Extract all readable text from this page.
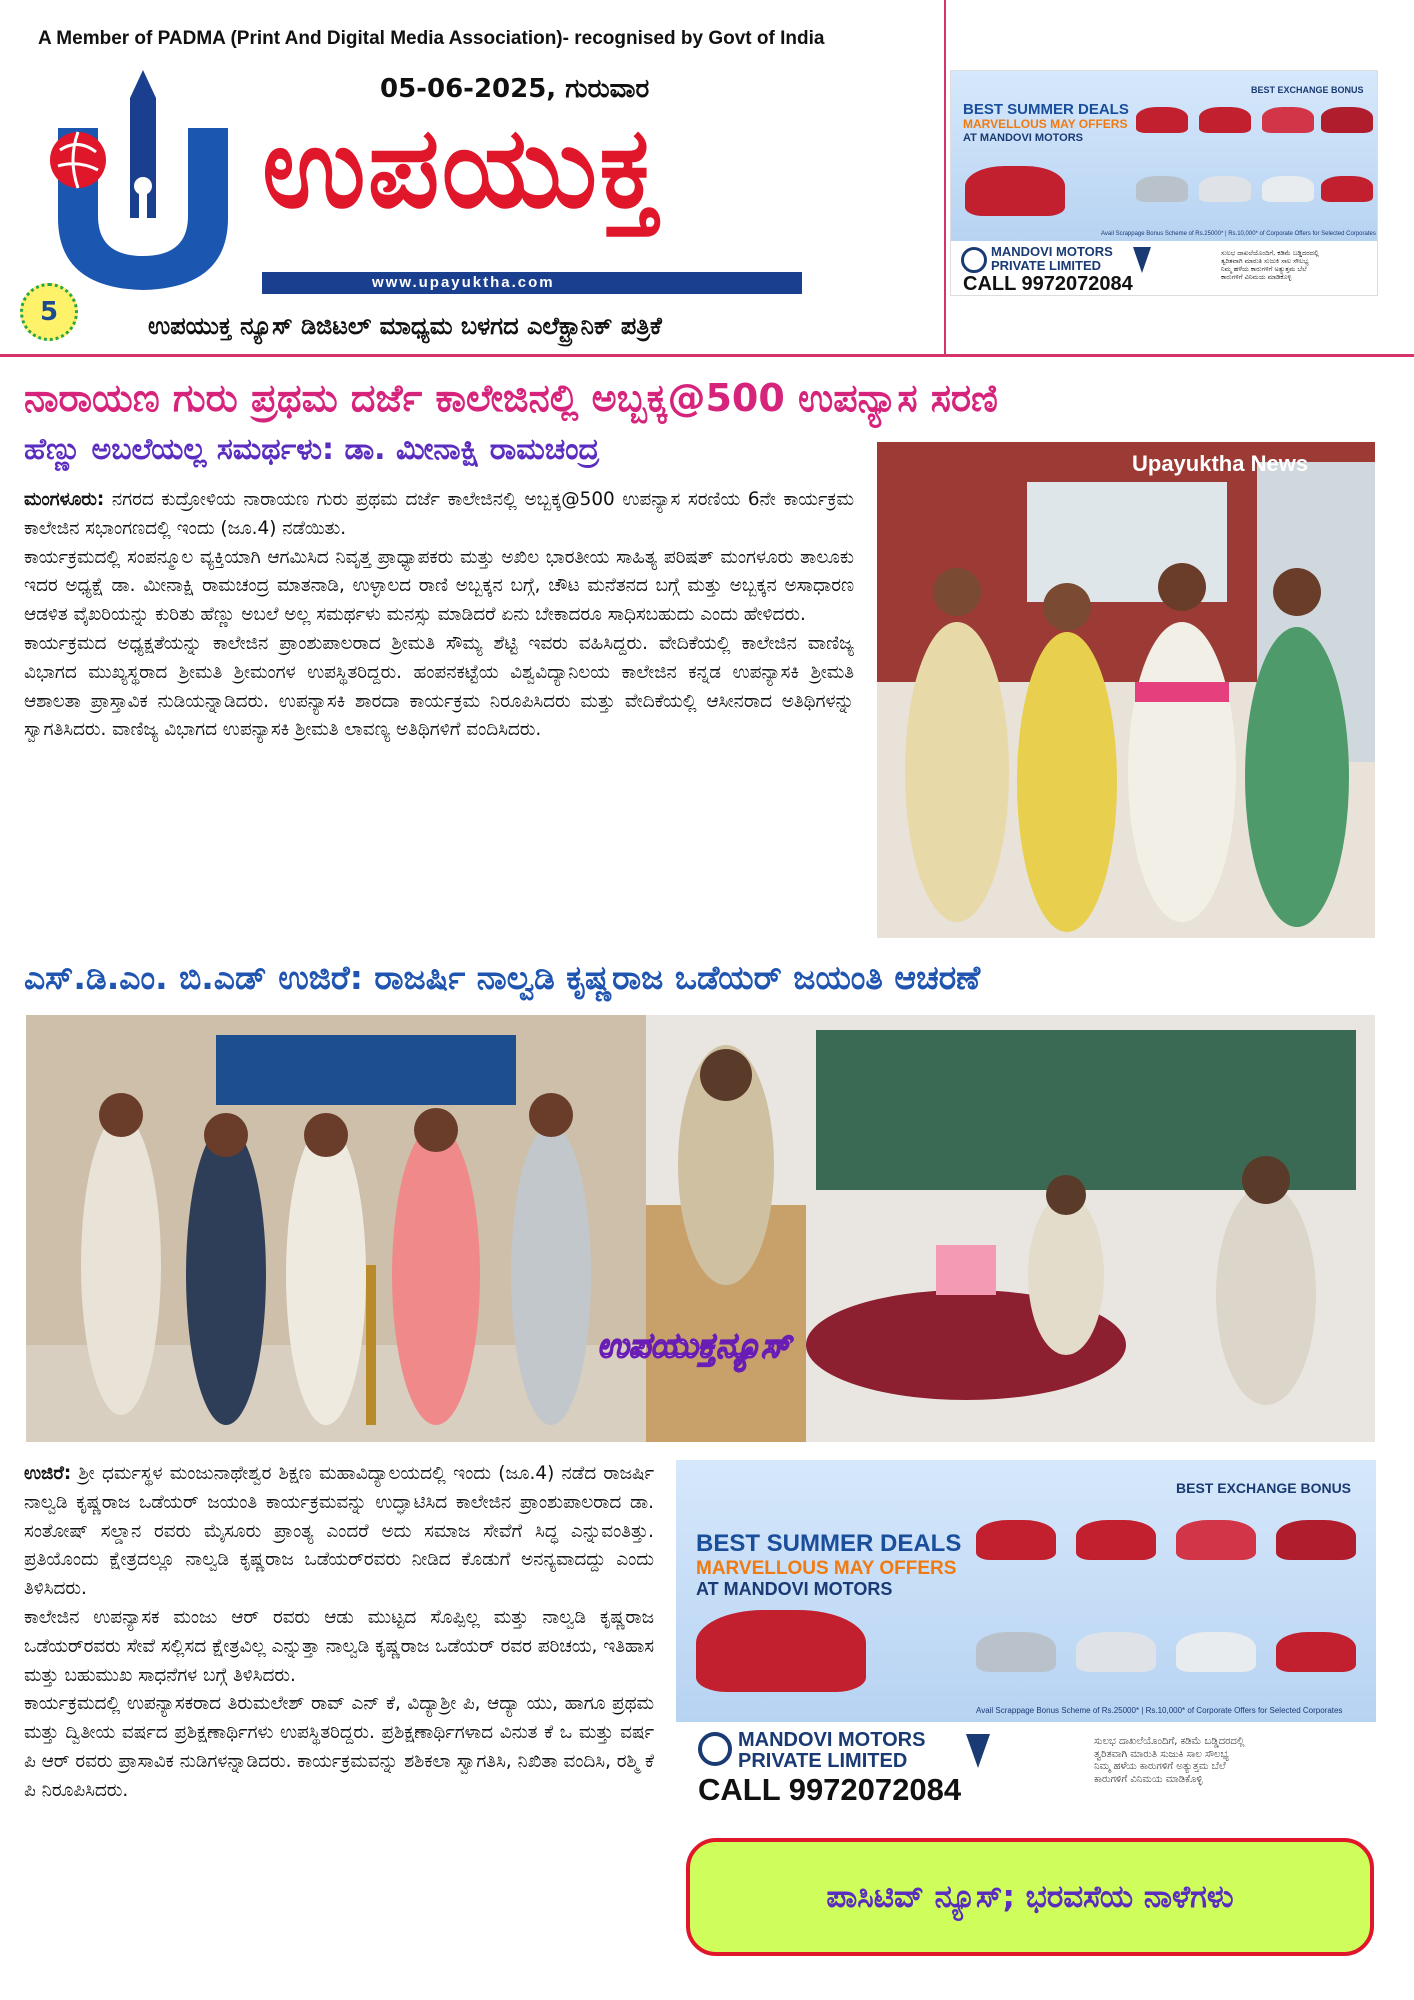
A Member of PADMA (Print And Digital Media Association)- recognised by Govt of India
05-06-2025, ಗುರುವಾರ
ಉಪಯುಕ್ತ
www.upayuktha.com	NEWS
5	ಉಪಯುಕ್ತ ನ್ಯೂಸ್ ಡಿಜಿಟಲ್ ಮಾಧ್ಯಮ ಬಳಗದ ಎಲೆಕ್ಟ್ರಾನಿಕ್ ಪತ್ರಿಕೆ
BEST SUMMER DEALS
MARVELLOUS MAY OFFERS
AT MANDOVI MOTORS
BEST EXCHANGE BONUS
Avail Scrappage Bonus Scheme of Rs.25000* | Rs.10,000* of Corporate Offers for Selected Corporates
MANDOVI MOTORS
PRIVATE LIMITED
CALL 9972072084
ಸುಲಭ ದಾಖಲೆಯೊಂದಿಗೆ, ಕಡಿಮೆ ಬಡ್ಡಿದರದಲ್ಲಿ
ತ್ವರಿತವಾಗಿ ಮಾರುತಿ ಸುಜುಕಿ ಸಾಲ ಸೌಲಭ್ಯ
ನಿಮ್ಮ ಹಳೆಯ ಕಾರುಗಳಿಗೆ ಅತ್ಯುತ್ತಮ ಬೆಲೆ
ಕಾರುಗಳಿಗೆ ವಿನಿಮಯ ಮಾಡಿಕೊಳ್ಳಿ
ನಾರಾಯಣ ಗುರು ಪ್ರಥಮ ದರ್ಜೆ ಕಾಲೇಜಿನಲ್ಲಿ ಅಬ್ಬಕ್ಕ@500 ಉಪನ್ಯಾಸ ಸರಣಿ
ಹೆಣ್ಣು ಅಬಲೆಯಲ್ಲ ಸಮರ್ಥಳು: ಡಾ. ಮೀನಾಕ್ಷಿ ರಾಮಚಂದ್ರ

ಮಂಗಳೂರು: ನಗರದ ಕುದ್ರೋಳಿಯ ನಾರಾಯಣ ಗುರು ಪ್ರಥಮ ದರ್ಜೆ ಕಾಲೇಜಿನಲ್ಲಿ ಅಬ್ಬಕ್ಕ@500 ಉಪನ್ಯಾಸ ಸರಣಿಯ 6ನೇ ಕಾರ್ಯಕ್ರಮ ಕಾಲೇಜಿನ ಸಭಾಂಗಣದಲ್ಲಿ ಇಂದು (ಜೂ.4) ನಡೆಯಿತು.

ಕಾರ್ಯಕ್ರಮದಲ್ಲಿ ಸಂಪನ್ಮೂಲ ವ್ಯಕ್ತಿಯಾಗಿ ಆಗಮಿಸಿದ ನಿವೃತ್ತ ಪ್ರಾಧ್ಯಾಪಕರು ಮತ್ತು ಅಖಿಲ ಭಾರತೀಯ ಸಾಹಿತ್ಯ ಪರಿಷತ್ ಮಂಗಳೂರು ತಾಲೂಕು ಇದರ ಅಧ್ಯಕ್ಷೆ ಡಾ. ಮೀನಾಕ್ಷಿ ರಾಮಚಂದ್ರ ಮಾತನಾಡಿ, ಉಳ್ಳಾಲದ ರಾಣಿ ಅಬ್ಬಕ್ಕನ ಬಗ್ಗೆ, ಚೌಟ ಮನೆತನದ ಬಗ್ಗೆ ಮತ್ತು ಅಬ್ಬಕ್ಕನ ಅಸಾಧಾರಣ ಆಡಳಿತ ವೈಖರಿಯನ್ನು ಕುರಿತು ಹೆಣ್ಣು ಅಬಲೆ ಅಲ್ಲ ಸಮರ್ಥಳು ಮನಸ್ಸು ಮಾಡಿದರೆ ಏನು ಬೇಕಾದರೂ ಸಾಧಿಸಬಹುದು ಎಂದು ಹೇಳಿದರು.

ಕಾರ್ಯಕ್ರಮದ ಅಧ್ಯಕ್ಷತೆಯನ್ನು ಕಾಲೇಜಿನ ಪ್ರಾಂಶುಪಾಲರಾದ ಶ್ರೀಮತಿ ಸೌಮ್ಯ ಶೆಟ್ಟಿ ಇವರು ವಹಿಸಿದ್ದರು. ವೇದಿಕೆಯಲ್ಲಿ ಕಾಲೇಜಿನ ವಾಣಿಜ್ಯ ವಿಭಾಗದ ಮುಖ್ಯಸ್ಥರಾದ ಶ್ರೀಮತಿ ಶ್ರೀಮಂಗಳ ಉಪಸ್ಥಿತರಿದ್ದರು. ಹಂಪನಕಟ್ಟೆಯ ವಿಶ್ವವಿದ್ಯಾನಿಲಯ ಕಾಲೇಜಿನ ಕನ್ನಡ ಉಪನ್ಯಾಸಕಿ ಶ್ರೀಮತಿ ಆಶಾಲತಾ ಪ್ರಾಸ್ತಾವಿಕ ನುಡಿಯನ್ನಾಡಿದರು. ಉಪನ್ಯಾಸಕಿ ಶಾರದಾ ಕಾರ್ಯಕ್ರಮ ನಿರೂಪಿಸಿದರು ಮತ್ತು ವೇದಿಕೆಯಲ್ಲಿ ಆಸೀನರಾದ ಅತಿಥಿಗಳನ್ನು ಸ್ವಾಗತಿಸಿದರು. ವಾಣಿಜ್ಯ ವಿಭಾಗದ ಉಪನ್ಯಾಸಕಿ ಶ್ರೀಮತಿ ಲಾವಣ್ಯ ಅತಿಥಿಗಳಿಗೆ ವಂದಿಸಿದರು.

Upayuktha News
ಎಸ್.ಡಿ.ಎಂ. ಬಿ.ಎಡ್ ಉಜಿರೆ: ರಾಜರ್ಷಿ ನಾಲ್ವಡಿ ಕೃಷ್ಣರಾಜ ಒಡೆಯರ್ ಜಯಂತಿ ಆಚರಣೆ
ಉಪಯುಕ್ತನ್ಯೂಸ್

ಉಜಿರೆ: ಶ್ರೀ ಧರ್ಮಸ್ಥಳ ಮಂಜುನಾಥೇಶ್ವರ ಶಿಕ್ಷಣ ಮಹಾವಿದ್ಯಾಲಯದಲ್ಲಿ ಇಂದು (ಜೂ.4) ನಡೆದ ರಾಜರ್ಷಿ ನಾಲ್ವಡಿ ಕೃಷ್ಣರಾಜ ಒಡೆಯರ್ ಜಯಂತಿ ಕಾರ್ಯಕ್ರಮವನ್ನು ಉದ್ಘಾಟಿಸಿದ ಕಾಲೇಜಿನ ಪ್ರಾಂಶುಪಾಲರಾದ ಡಾ. ಸಂತೋಷ್ ಸಲ್ಡಾನ ರವರು ಮೈಸೂರು ಪ್ರಾಂತ್ಯ ಎಂದರೆ ಅದು ಸಮಾಜ ಸೇವೆಗೆ ಸಿದ್ಧ ಎನ್ನುವಂತಿತ್ತು. ಪ್ರತಿಯೊಂದು ಕ್ಷೇತ್ರದಲ್ಲೂ ನಾಲ್ವಡಿ ಕೃಷ್ಣರಾಜ ಒಡೆಯರ್‌ರವರು ನೀಡಿದ ಕೊಡುಗೆ ಅನನ್ಯವಾದದ್ದು ಎಂದು ತಿಳಿಸಿದರು.

ಕಾಲೇಜಿನ ಉಪನ್ಯಾಸಕ ಮಂಜು ಆರ್ ರವರು ಆಡು ಮುಟ್ಟದ ಸೊಪ್ಪಿಲ್ಲ ಮತ್ತು ನಾಲ್ವಡಿ ಕೃಷ್ಣರಾಜ ಒಡೆಯರ್‌ರವರು ಸೇವೆ ಸಲ್ಲಿಸದ ಕ್ಷೇತ್ರವಿಲ್ಲ ಎನ್ನುತ್ತಾ ನಾಲ್ವಡಿ ಕೃಷ್ಣರಾಜ ಒಡೆಯರ್ ರವರ ಪರಿಚಯ, ಇತಿಹಾಸ ಮತ್ತು ಬಹುಮುಖ ಸಾಧನೆಗಳ ಬಗ್ಗೆ ತಿಳಿಸಿದರು.

ಕಾರ್ಯಕ್ರಮದಲ್ಲಿ ಉಪನ್ಯಾಸಕರಾದ ತಿರುಮಲೇಶ್ ರಾವ್ ಎನ್ ಕೆ, ವಿದ್ಯಾಶ್ರೀ ಪಿ, ಆದ್ಯಾ ಯು, ಹಾಗೂ ಪ್ರಥಮ ಮತ್ತು ದ್ವಿತೀಯ ವರ್ಷದ ಪ್ರಶಿಕ್ಷಣಾರ್ಥಿಗಳು ಉಪಸ್ಥಿತರಿದ್ದರು. ಪ್ರಶಿಕ್ಷಣಾರ್ಥಿಗಳಾದ ವಿನುತ ಕೆ ಒ ಮತ್ತು ವರ್ಷ ಪಿ ಆರ್ ರವರು ಪ್ರಾಸಾವಿಕ ನುಡಿಗಳನ್ನಾಡಿದರು. ಕಾರ್ಯಕ್ರಮವನ್ನು ಶಶಿಕಲಾ ಸ್ವಾಗತಿಸಿ, ನಿಖಿತಾ ವಂದಿಸಿ, ರಶ್ಮಿ ಕೆ ಪಿ ನಿರೂಪಿಸಿದರು.

BEST SUMMER DEALS
MARVELLOUS MAY OFFERS
AT MANDOVI MOTORS
BEST EXCHANGE BONUS
Avail Scrappage Bonus Scheme of Rs.25000* | Rs.10,000* of Corporate Offers for Selected Corporates
MANDOVI MOTORS
PRIVATE LIMITED
CALL 9972072084
ಸುಲಭ ದಾಖಲೆಯೊಂದಿಗೆ, ಕಡಿಮೆ ಬಡ್ಡಿದರದಲ್ಲಿ
ತ್ವರಿತವಾಗಿ ಮಾರುತಿ ಸುಜುಕಿ ಸಾಲ ಸೌಲಭ್ಯ
ನಿಮ್ಮ ಹಳೆಯ ಕಾರುಗಳಿಗೆ ಅತ್ಯುತ್ತಮ ಬೆಲೆ
ಕಾರುಗಳಿಗೆ ವಿನಿಮಯ ಮಾಡಿಕೊಳ್ಳಿ
ಪಾಸಿಟಿವ್ ನ್ಯೂಸ್; ಭರವಸೆಯ ನಾಳೆಗಳು
